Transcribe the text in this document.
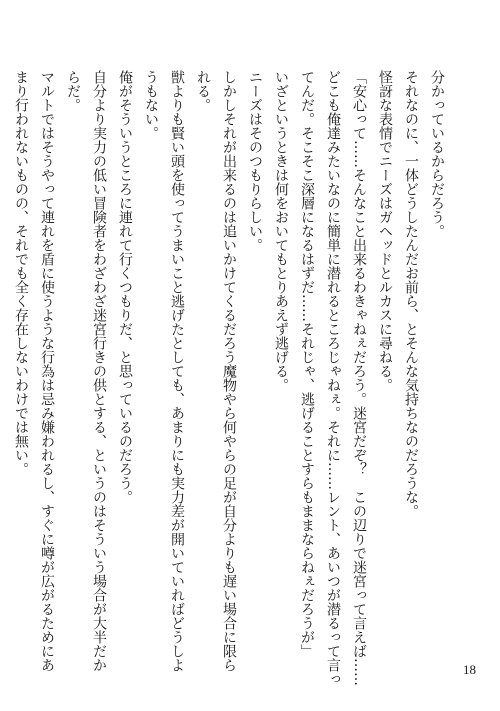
分かっているからだろう。

それなのに、一体どうしたんだお前ら、とそんな気持ちなのだろうな。

怪訝な表情でニーズはガヘッドとルカスに尋ねる。

「安心って……そんなこと出来るわきゃねぇだろう。迷宮だぞ？　この辺りで迷宮って言えば……

どこも俺達みたいなのに簡単に潜れるところじゃねぇ。それに……レント、あいつが潜るって言っ

てんだ。そこそこ深層になるはずだ……それじゃ、逃げることすらもままならねぇだろうが」

いざというときは何をおいてもとりあえず逃げる。

ニーズはそのつもりらしい。

しかしそれが出来るのは追いかけてくるだろう魔物やら何やらの足が自分よりも遅い場合に限ら

れる。

獣よりも賢い頭を使ってうまいこと逃げたとしても、あまりにも実力差が開いていればどうしよ

うもない。

俺がそういうところに連れて行くつもりだ、と思っているのだろう。

自分より実力の低い冒険者をわざわざ迷宮行きの供とする、というのはそういう場合が大半だか

らだ。

マルトではそうやって連れを盾に使うような行為は忌み嫌われるし、すぐに噂が広がるためにあ

まり行われないものの、それでも全く存在しないわけでは無い。

18
